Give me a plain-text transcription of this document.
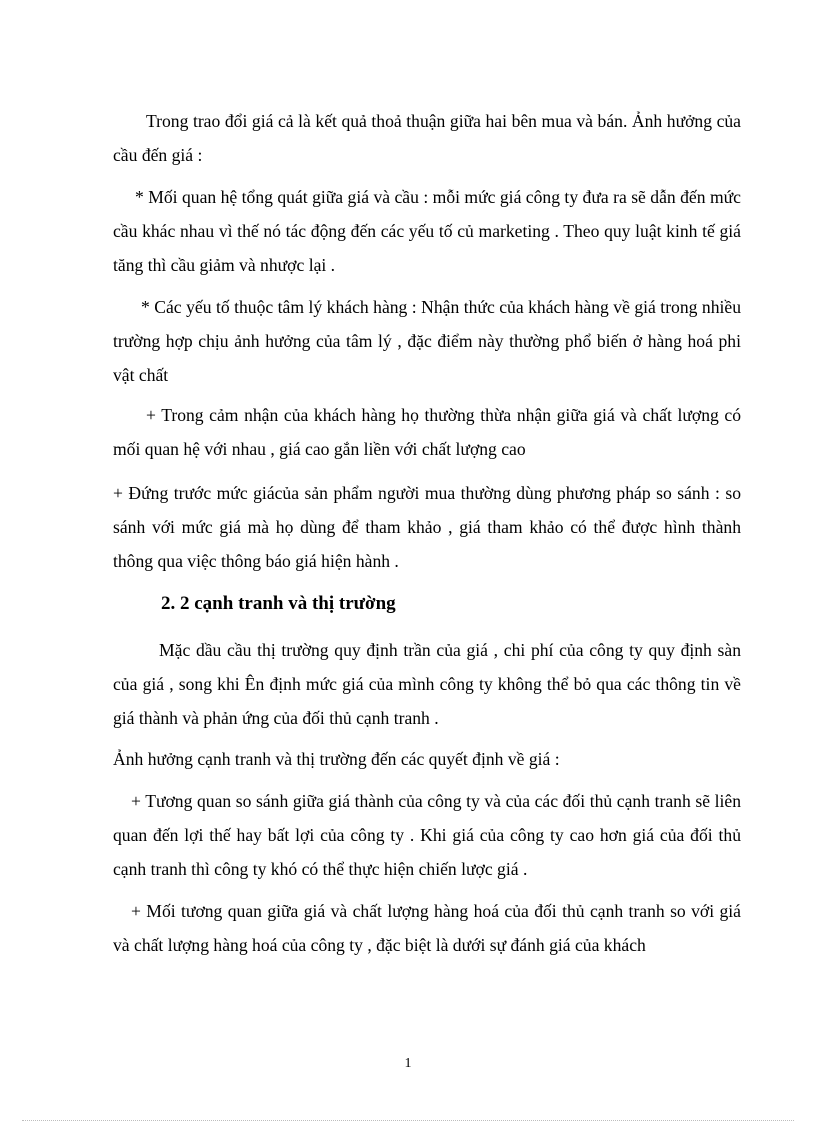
Trong trao đổi giá cả là kết quả thoả thuận giữa hai bên mua và bán. Ảnh hưởng của cầu đến giá :

* Mối quan hệ tổng quát giữa giá và cầu : mỗi mức giá công ty đưa ra sẽ dẫn đến mức cầu khác nhau vì thế nó tác động đến các yếu tố củ marketing . Theo quy luật kinh tế giá tăng thì cầu giảm và nhược lại .

* Các yếu tố thuộc tâm lý khách hàng : Nhận thức của khách hàng về giá trong nhiều trường hợp chịu ảnh hưởng của tâm lý , đặc điểm này thường phổ biến ở hàng hoá phi vật chất

+ Trong cảm nhận của khách hàng họ thường thừa nhận giữa giá và chất lượng có mối quan hệ với nhau , giá cao gắn liền với chất lượng cao

+ Đứng trước mức giácủa sản phẩm người mua thường dùng phương pháp so sánh : so sánh với mức giá mà họ dùng để tham khảo , giá tham khảo có thể được hình thành thông qua việc thông báo giá hiện hành .

2. 2 cạnh tranh và thị trường

Mặc dầu cầu thị trường quy định trần của giá , chi phí của công ty quy định sàn của giá , song khi Ên định mức giá của mình công ty không thể bỏ qua các thông tin về giá thành và phản ứng của đối thủ cạnh tranh .

Ảnh hưởng cạnh tranh và thị trường đến các quyết định về giá :

+ Tương quan so sánh giữa giá thành của công ty và của các đối thủ cạnh tranh sẽ liên quan đến lợi thế hay bất lợi của công ty . Khi giá của công ty cao hơn giá của đối thủ cạnh tranh thì công ty khó có thể thực hiện chiến lược giá .

+ Mối tương quan giữa giá và chất lượng hàng hoá của đối thủ cạnh tranh so với giá và chất lượng hàng hoá của công ty , đặc biệt là dưới sự đánh giá của khách

1
